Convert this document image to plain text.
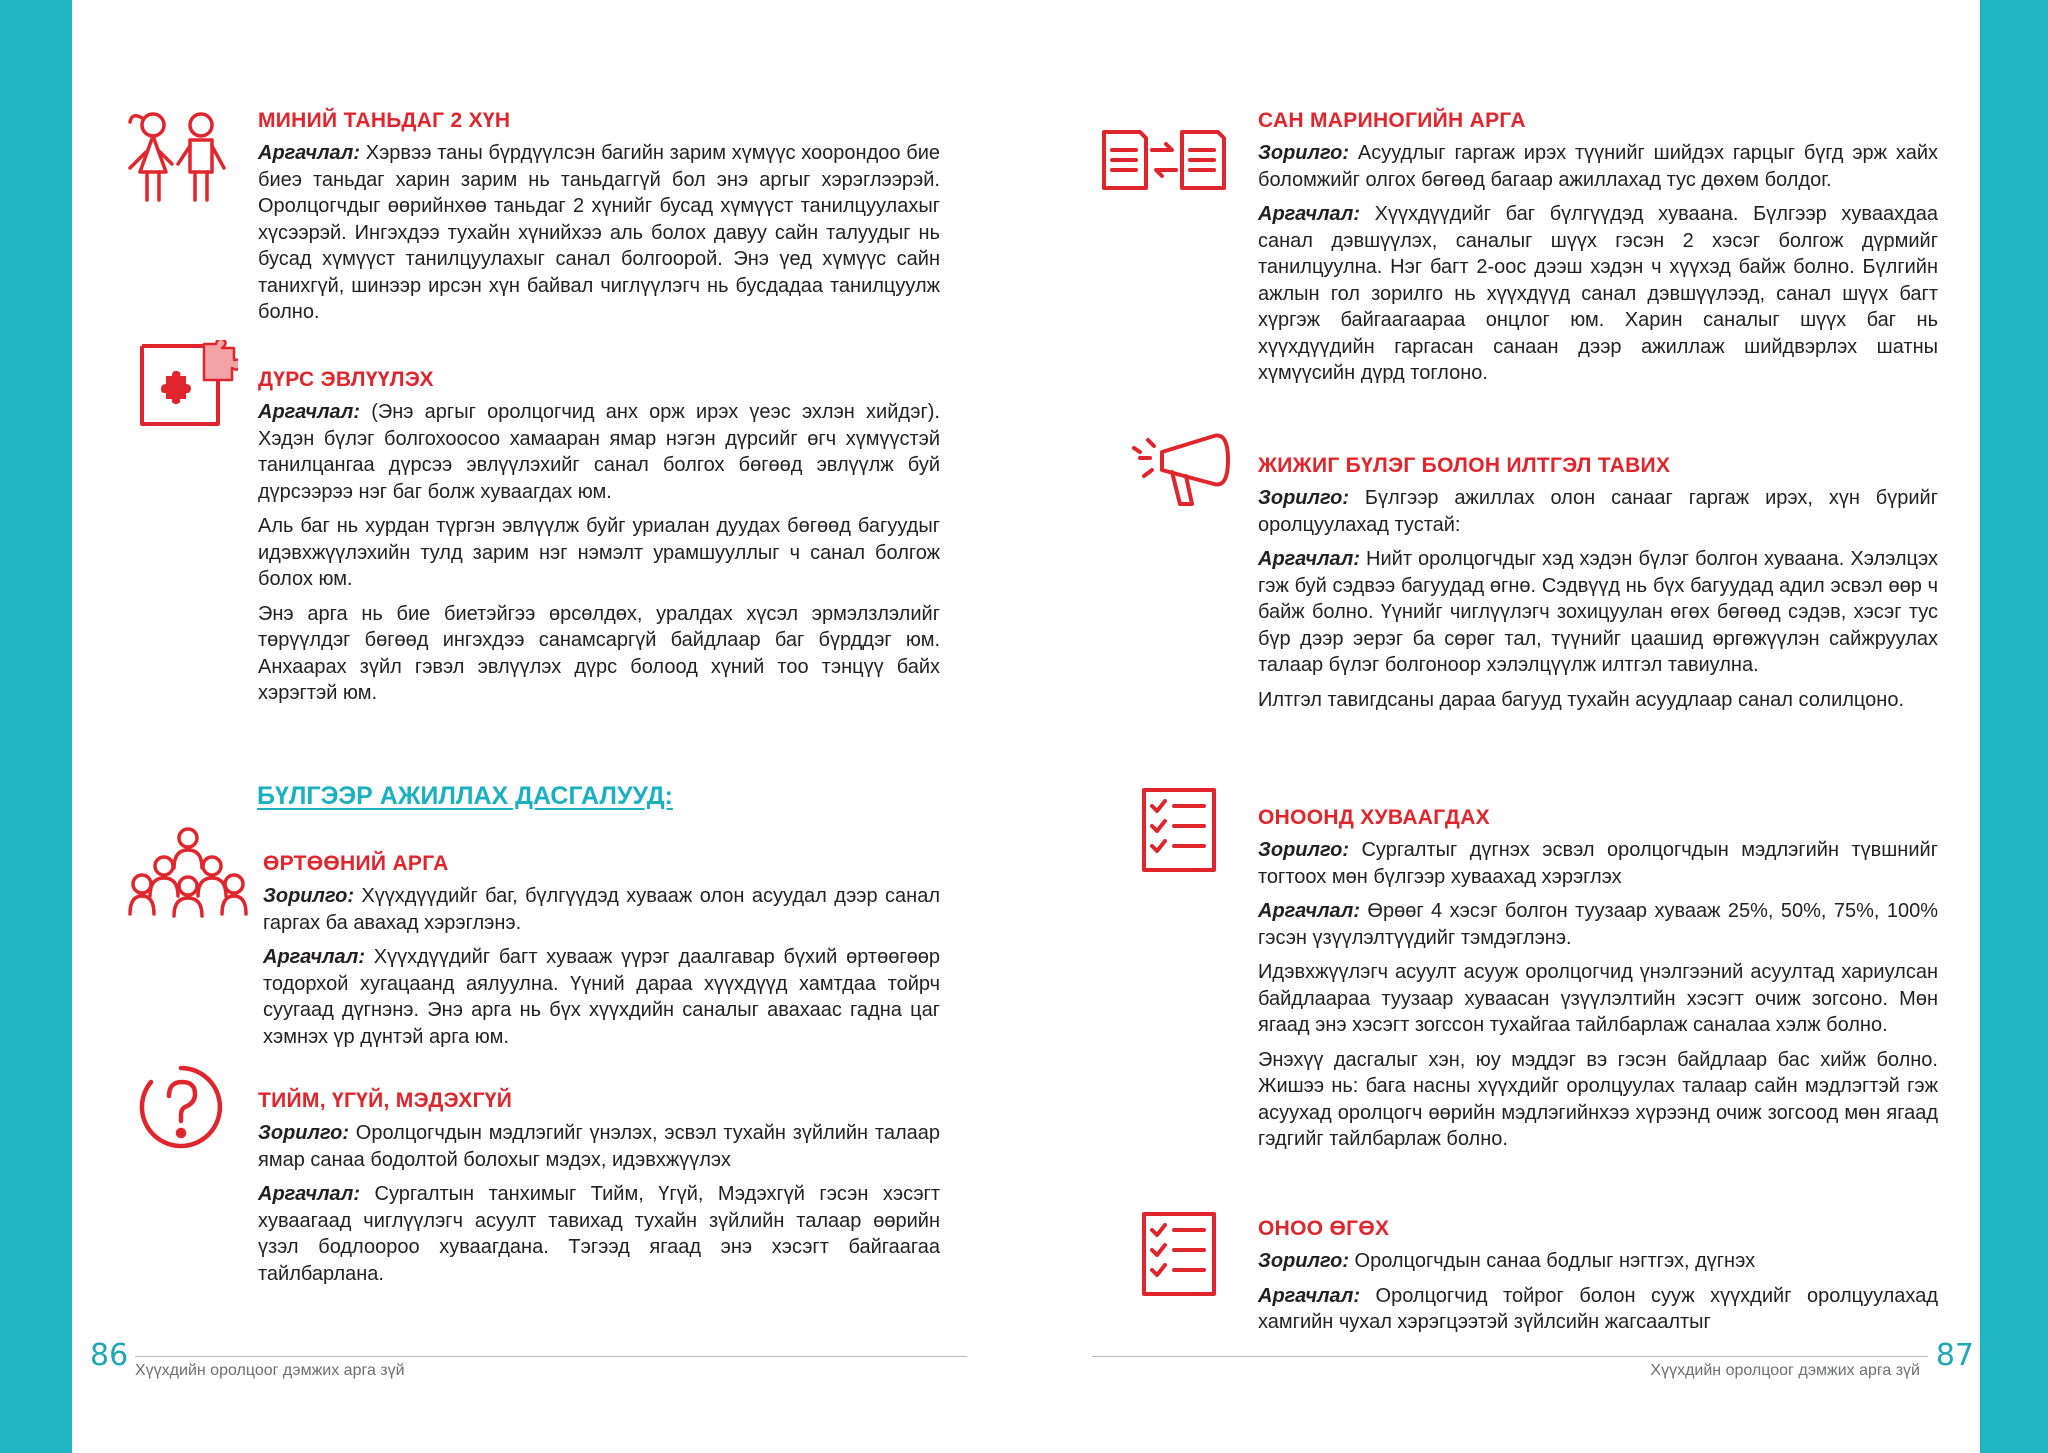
МИНИЙ ТАНЬДАГ 2 ХҮН

Аргачлал: Хэрвээ таны бүрдүүлсэн багийн зарим хүмүүс хоорондоо бие биеэ таньдаг харин зарим нь таньдаггүй бол энэ аргыг хэрэглээрэй. Оролцогчдыг өөрийнхөө таньдаг 2 хүнийг бусад хүмүүст танилцуулахыг хүсээрэй. Ингэхдээ тухайн хүнийхээ аль болох давуу сайн талуудыг нь бусад хүмүүст танилцуулахыг санал болгоорой. Энэ үед хүмүүс сайн танихгүй, шинээр ирсэн хүн байвал чиглүүлэгч нь бусдадаа танилцуулж болно.

ДҮРС ЭВЛҮҮЛЭХ

Аргачлал: (Энэ аргыг оролцогчид анх орж ирэх үеэс эхлэн хийдэг). Хэдэн бүлэг болгохоосоо хамааран ямар нэгэн дүрсийг өгч хүмүүстэй танилцангаа дүрсээ эвлүүлэхийг санал болгох бөгөөд эвлүүлж буй дүрсээрээ нэг баг болж хуваагдах юм.

Аль баг нь хурдан түргэн эвлүүлж буйг уриалан дуудах бөгөөд багуудыг идэвхжүүлэхийн тулд зарим нэг нэмэлт урамшууллыг ч санал болгож болох юм.

Энэ арга нь бие биетэйгээ өрсөлдөх, уралдах хүсэл эрмэлзлэлийг төрүүлдэг бөгөөд ингэхдээ санамсаргүй байдлаар баг бүрддэг юм. Анхаарах зүйл гэвэл эвлүүлэх дүрс болоод хүний тоо тэнцүү байх хэрэгтэй юм.

БҮЛГЭЭР АЖИЛЛАХ ДАСГАЛУУД:

ӨРТӨӨНИЙ АРГА

Зорилго: Хүүхдүүдийг баг, бүлгүүдэд хувааж олон асуудал дээр санал гаргах ба авахад хэрэглэнэ.

Аргачлал: Хүүхдүүдийг багт хувааж үүрэг даалгавар бүхий өртөөгөөр тодорхой хугацаанд аялуулна. Үүний дараа хүүхдүүд хамтдаа тойрч суугаад дүгнэнэ. Энэ арга нь бүх хүүхдийн саналыг авахаас гадна цаг хэмнэх үр дүнтэй арга юм.

ТИЙМ, ҮГҮЙ, МЭДЭХГҮЙ

Зорилго: Оролцогчдын мэдлэгийг үнэлэх, эсвэл тухайн зүйлийн талаар ямар санаа бодолтой болохыг мэдэх, идэвхжүүлэх

Аргачлал: Сургалтын танхимыг Тийм, Үгүй, Мэдэхгүй гэсэн хэсэгт хуваагаад чиглүүлэгч асуулт тавихад тухайн зүйлийн талаар өөрийн үзэл бодлоороо хуваагдана. Тэгээд ягаад энэ хэсэгт байгаагаа тайлбарлана.

86 Хүүхдийн оролцоог дэмжих арга зүй
САН МАРИНОГИЙН АРГА

Зорилго: Асуудлыг гаргаж ирэх түүнийг шийдэх гарцыг бүгд эрж хайх боломжийг олгох бөгөөд багаар ажиллахад тус дөхөм болдог.

Аргачлал: Хүүхдүүдийг баг бүлгүүдэд хуваана. Бүлгээр хуваахдаа санал дэвшүүлэх, саналыг шүүх гэсэн 2 хэсэг болгож дүрмийг танилцуулна. Нэг багт 2-оос дээш хэдэн ч хүүхэд байж болно. Бүлгийн ажлын гол зорилго нь хүүхдүүд санал дэвшүүлээд, санал шүүх багт хүргэж байгаагаараа онцлог юм. Харин саналыг шүүх баг нь хүүхдүүдийн гаргасан санаан дээр ажиллаж шийдвэрлэх шатны хүмүүсийн дүрд тоглоно.

ЖИЖИГ БҮЛЭГ БОЛОН ИЛТГЭЛ ТАВИХ

Зорилго: Бүлгээр ажиллах олон санааг гаргаж ирэх, хүн бүрийг оролцуулахад тустай:

Аргачлал: Нийт оролцогчдыг хэд хэдэн бүлэг болгон хуваана. Хэлэлцэх гэж буй сэдвээ багуудад өгнө. Сэдвүүд нь бүх багуудад адил эсвэл өөр ч байж болно. Үүнийг чиглүүлэгч зохицуулан өгөх бөгөөд сэдэв, хэсэг тус бүр дээр эерэг ба сөрөг тал, түүнийг цаашид өргөжүүлэн сайжруулах талаар бүлэг болгоноор хэлэлцүүлж илтгэл тавиулна.

Илтгэл тавигдсаны дараа багууд тухайн асуудлаар санал солилцоно.

ОНООНД ХУВААГДАХ

Зорилго: Сургалтыг дүгнэх эсвэл оролцогчдын мэдлэгийн түвшнийг тогтоох мөн бүлгээр хуваахад хэрэглэх

Аргачлал: Өрөөг 4 хэсэг болгон туузаар хувааж 25%, 50%, 75%, 100% гэсэн үзүүлэлтүүдийг тэмдэглэнэ.

Идэвхжүүлэгч асуулт асууж оролцогчид үнэлгээний асуултад хариулсан байдлаараа туузаар хуваасан үзүүлэлтийн хэсэгт очиж зогсоно. Мөн ягаад энэ хэсэгт зогссон тухайгаа тайлбарлаж саналаа хэлж болно.

Энэхүү дасгалыг хэн, юу мэддэг вэ гэсэн байдлаар бас хийж болно. Жишээ нь: бага насны хүүхдийг оролцуулах талаар сайн мэдлэгтэй гэж асуухад оролцогч өөрийн мэдлэгийнхээ хүрээнд очиж зогсоод мөн ягаад гэдгийг тайлбарлаж болно.

ОНОО ӨГӨХ

Зорилго: Оролцогчдын санаа бодлыг нэгтгэх, дүгнэх

Аргачлал: Оролцогчид тойрог болон сууж хүүхдийг оролцуулахад хамгийн чухал хэрэгцээтэй зүйлсийн жагсаалтыг

Хүүхдийн оролцоог дэмжих арга зүй 87
